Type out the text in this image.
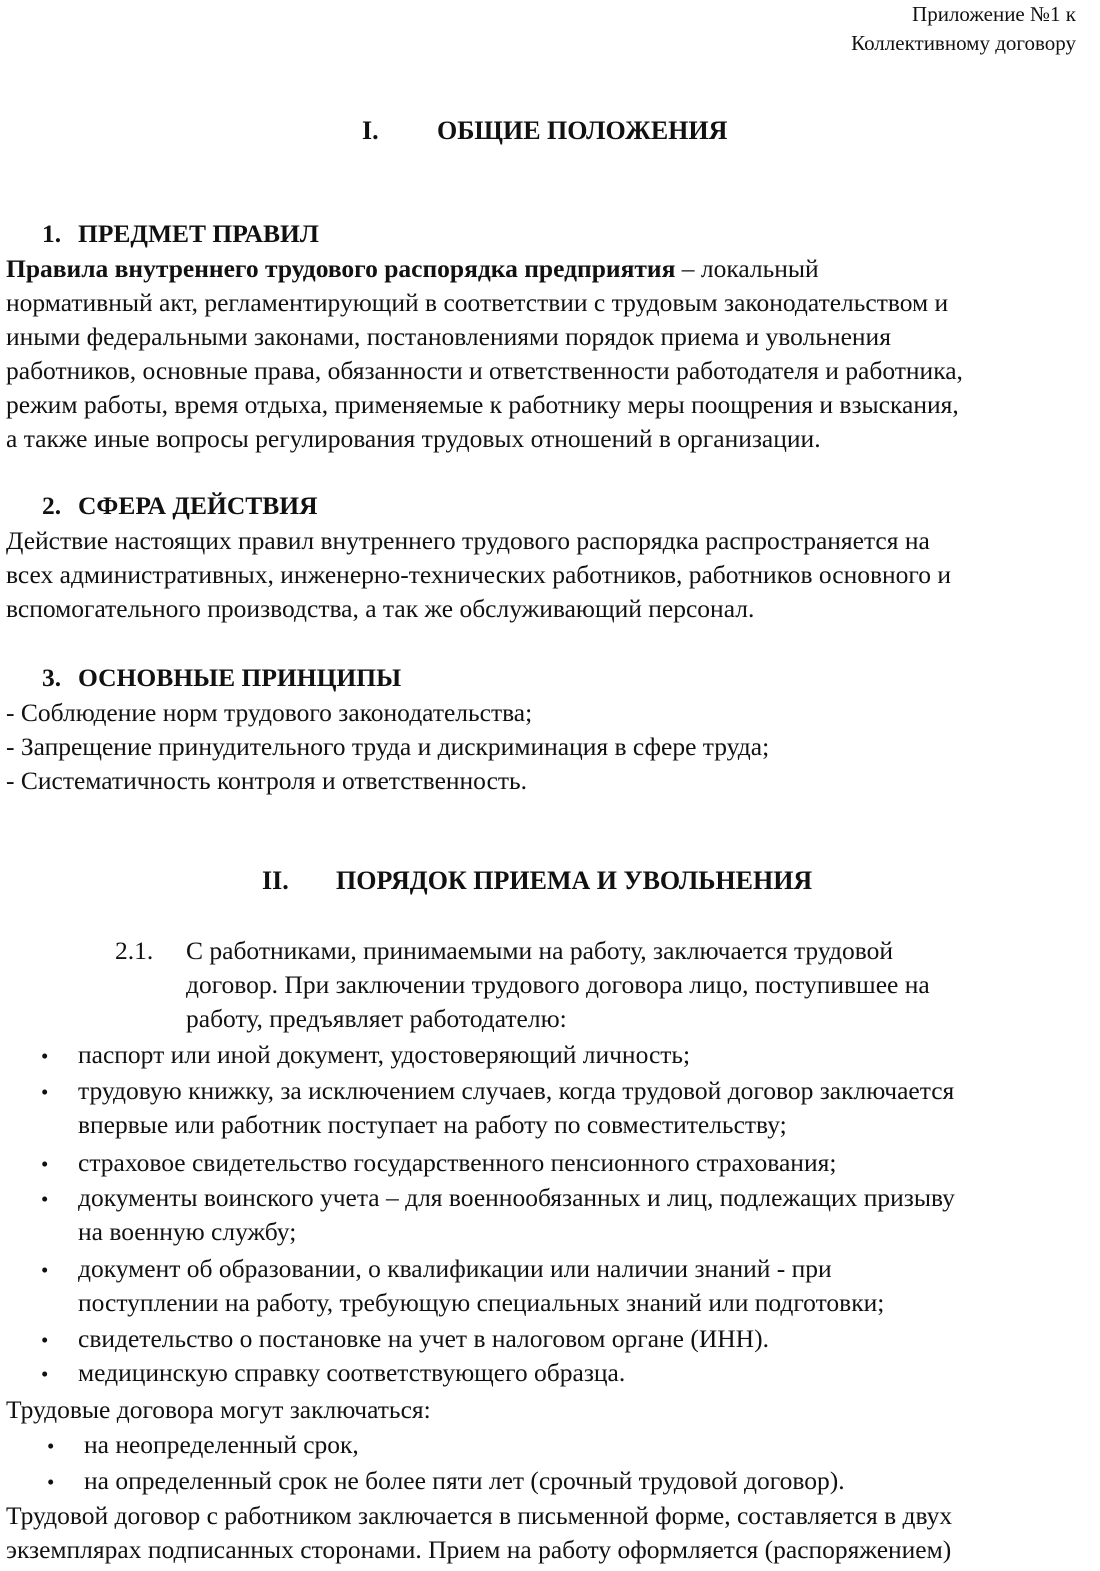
Приложение №1 к
Коллективному договору
I. ОБЩИЕ ПОЛОЖЕНИЯ
1. ПРЕДМЕТ ПРАВИЛ
Правила внутреннего трудового распорядка предприятия – локальный
нормативный акт, регламентирующий в соответствии с трудовым законодательством и
иными федеральными законами, постановлениями порядок приема и увольнения
работников, основные права, обязанности и ответственности работодателя и работника,
режим работы, время отдыха, применяемые к работнику меры поощрения и взыскания,
а также иные вопросы регулирования трудовых отношений в организации.
2. СФЕРА ДЕЙСТВИЯ
Действие настоящих правил внутреннего трудового распорядка распространяется на
всех административных, инженерно-технических работников, работников основного и
вспомогательного производства, а так же обслуживающий персонал.
3. ОСНОВНЫЕ ПРИНЦИПЫ
- Соблюдение норм трудового законодательства;
- Запрещение принудительного труда и дискриминация в сфере труда;
- Систематичность контроля и ответственность.
II. ПОРЯДОК ПРИЕМА И УВОЛЬНЕНИЯ
2.1. С работниками, принимаемыми на работу, заключается трудовой
договор. При заключении трудового договора лицо, поступившее на
работу, предъявляет работодателю:
• паспорт или иной документ, удостоверяющий личность;
• трудовую книжку, за исключением случаев, когда трудовой договор заключается
впервые или работник поступает на работу по совместительству;
• страховое свидетельство государственного пенсионного страхования;
• документы воинского учета – для военнообязанных и лиц, подлежащих призыву
на военную службу;
• документ об образовании, о квалификации или наличии знаний - при
поступлении на работу, требующую специальных знаний или подготовки;
• свидетельство о постановке на учет в налоговом органе (ИНН).
• медицинскую справку соответствующего образца.
Трудовые договора могут заключаться:
• на неопределенный срок,
• на определенный срок не более пяти лет (срочный трудовой договор).
Трудовой договор с работником заключается в письменной форме, составляется в двух
экземплярах подписанных сторонами. Прием на работу оформляется (распоряжением)
